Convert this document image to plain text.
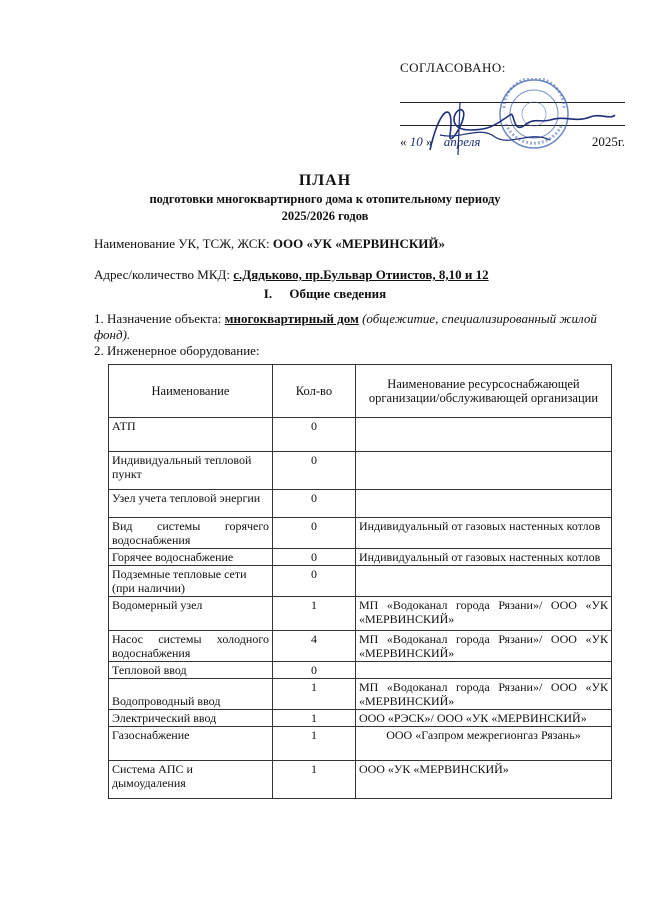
СОГЛАСОВАНО:
« 10 » апреля	2025г.
ПЛАН
подготовки многоквартирного дома к отопительному периоду
2025/2026 годов
Наименование УК, ТСЖ, ЖСК: ООО «УК «МЕРВИНСКИЙ»
Адрес/количество МКД: с.Дядьково, пр.Бульвар Отиистов, 8,10 и 12
I. Общие сведения
1. Назначение объекта: многоквартирный дом (общежитие, специализированный жилой фонд).
2. Инженерное оборудование:
Наименование	Кол-во	Наименование ресурсоснабжающей организации/обслуживающей организации
АТП	0	
Индивидуальный тепловой пункт	0	
Узел учета тепловой энергии	0	
Вид системы горячего водоснабжения	0	Индивидуальный от газовых настенных котлов
Горячее водоснабжение	0	Индивидуальный от газовых настенных котлов
Подземные тепловые сети (при наличии)	0	
Водомерный узел	1	МП «Водоканал города Рязани»/ ООО «УК «МЕРВИНСКИЙ»
Насос системы холодного водоснабжения	4	МП «Водоканал города Рязани»/ ООО «УК «МЕРВИНСКИЙ»
Тепловой ввод	0	
Водопроводный ввод	1	МП «Водоканал города Рязани»/ ООО «УК «МЕРВИНСКИЙ»
Электрический ввод	1	ООО «РЭСК»/ ООО «УК «МЕРВИНСКИЙ»
Газоснабжение	1	ООО «Газпром межрегионгаз Рязань»
Система АПС и дымоудаления	1	ООО «УК «МЕРВИНСКИЙ»
